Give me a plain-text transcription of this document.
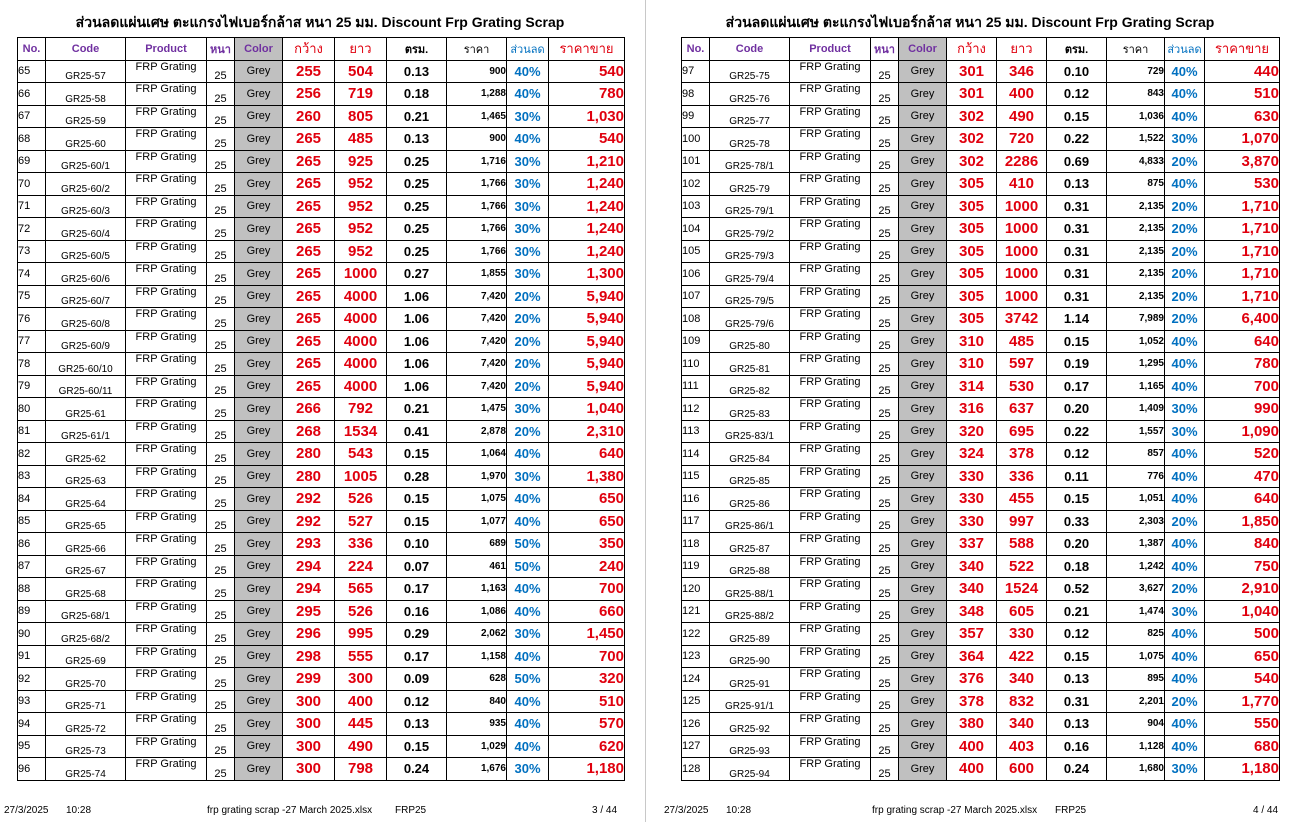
ส่วนลดแผ่นเศษ ตะแกรงไฟเบอร์กล้าส หนา 25 มม. Discount Frp Grating Scrap
No.	Code	Product	หนา	Color	กว้าง	ยาว	ตรม.	ราคา	ส่วนลด	ราคาขาย
65	GR25-57	FRP Grating	25	Grey	255	504	0.13	900	40%	540
66	GR25-58	FRP Grating	25	Grey	256	719	0.18	1,288	40%	780
67	GR25-59	FRP Grating	25	Grey	260	805	0.21	1,465	30%	1,030
68	GR25-60	FRP Grating	25	Grey	265	485	0.13	900	40%	540
69	GR25-60/1	FRP Grating	25	Grey	265	925	0.25	1,716	30%	1,210
70	GR25-60/2	FRP Grating	25	Grey	265	952	0.25	1,766	30%	1,240
71	GR25-60/3	FRP Grating	25	Grey	265	952	0.25	1,766	30%	1,240
72	GR25-60/4	FRP Grating	25	Grey	265	952	0.25	1,766	30%	1,240
73	GR25-60/5	FRP Grating	25	Grey	265	952	0.25	1,766	30%	1,240
74	GR25-60/6	FRP Grating	25	Grey	265	1000	0.27	1,855	30%	1,300
75	GR25-60/7	FRP Grating	25	Grey	265	4000	1.06	7,420	20%	5,940
76	GR25-60/8	FRP Grating	25	Grey	265	4000	1.06	7,420	20%	5,940
77	GR25-60/9	FRP Grating	25	Grey	265	4000	1.06	7,420	20%	5,940
78	GR25-60/10	FRP Grating	25	Grey	265	4000	1.06	7,420	20%	5,940
79	GR25-60/11	FRP Grating	25	Grey	265	4000	1.06	7,420	20%	5,940
80	GR25-61	FRP Grating	25	Grey	266	792	0.21	1,475	30%	1,040
81	GR25-61/1	FRP Grating	25	Grey	268	1534	0.41	2,878	20%	2,310
82	GR25-62	FRP Grating	25	Grey	280	543	0.15	1,064	40%	640
83	GR25-63	FRP Grating	25	Grey	280	1005	0.28	1,970	30%	1,380
84	GR25-64	FRP Grating	25	Grey	292	526	0.15	1,075	40%	650
85	GR25-65	FRP Grating	25	Grey	292	527	0.15	1,077	40%	650
86	GR25-66	FRP Grating	25	Grey	293	336	0.10	689	50%	350
87	GR25-67	FRP Grating	25	Grey	294	224	0.07	461	50%	240
88	GR25-68	FRP Grating	25	Grey	294	565	0.17	1,163	40%	700
89	GR25-68/1	FRP Grating	25	Grey	295	526	0.16	1,086	40%	660
90	GR25-68/2	FRP Grating	25	Grey	296	995	0.29	2,062	30%	1,450
91	GR25-69	FRP Grating	25	Grey	298	555	0.17	1,158	40%	700
92	GR25-70	FRP Grating	25	Grey	299	300	0.09	628	50%	320
93	GR25-71	FRP Grating	25	Grey	300	400	0.12	840	40%	510
94	GR25-72	FRP Grating	25	Grey	300	445	0.13	935	40%	570
95	GR25-73	FRP Grating	25	Grey	300	490	0.15	1,029	40%	620
96	GR25-74	FRP Grating	25	Grey	300	798	0.24	1,676	30%	1,180
27/3/2025 10:28	frp grating scrap -27 March 2025.xlsx FRP25	3 / 44
ส่วนลดแผ่นเศษ ตะแกรงไฟเบอร์กล้าส หนา 25 มม. Discount Frp Grating Scrap
No.	Code	Product	หนา	Color	กว้าง	ยาว	ตรม.	ราคา	ส่วนลด	ราคาขาย
97	GR25-75	FRP Grating	25	Grey	301	346	0.10	729	40%	440
98	GR25-76	FRP Grating	25	Grey	301	400	0.12	843	40%	510
99	GR25-77	FRP Grating	25	Grey	302	490	0.15	1,036	40%	630
100	GR25-78	FRP Grating	25	Grey	302	720	0.22	1,522	30%	1,070
101	GR25-78/1	FRP Grating	25	Grey	302	2286	0.69	4,833	20%	3,870
102	GR25-79	FRP Grating	25	Grey	305	410	0.13	875	40%	530
103	GR25-79/1	FRP Grating	25	Grey	305	1000	0.31	2,135	20%	1,710
104	GR25-79/2	FRP Grating	25	Grey	305	1000	0.31	2,135	20%	1,710
105	GR25-79/3	FRP Grating	25	Grey	305	1000	0.31	2,135	20%	1,710
106	GR25-79/4	FRP Grating	25	Grey	305	1000	0.31	2,135	20%	1,710
107	GR25-79/5	FRP Grating	25	Grey	305	1000	0.31	2,135	20%	1,710
108	GR25-79/6	FRP Grating	25	Grey	305	3742	1.14	7,989	20%	6,400
109	GR25-80	FRP Grating	25	Grey	310	485	0.15	1,052	40%	640
110	GR25-81	FRP Grating	25	Grey	310	597	0.19	1,295	40%	780
111	GR25-82	FRP Grating	25	Grey	314	530	0.17	1,165	40%	700
112	GR25-83	FRP Grating	25	Grey	316	637	0.20	1,409	30%	990
113	GR25-83/1	FRP Grating	25	Grey	320	695	0.22	1,557	30%	1,090
114	GR25-84	FRP Grating	25	Grey	324	378	0.12	857	40%	520
115	GR25-85	FRP Grating	25	Grey	330	336	0.11	776	40%	470
116	GR25-86	FRP Grating	25	Grey	330	455	0.15	1,051	40%	640
117	GR25-86/1	FRP Grating	25	Grey	330	997	0.33	2,303	20%	1,850
118	GR25-87	FRP Grating	25	Grey	337	588	0.20	1,387	40%	840
119	GR25-88	FRP Grating	25	Grey	340	522	0.18	1,242	40%	750
120	GR25-88/1	FRP Grating	25	Grey	340	1524	0.52	3,627	20%	2,910
121	GR25-88/2	FRP Grating	25	Grey	348	605	0.21	1,474	30%	1,040
122	GR25-89	FRP Grating	25	Grey	357	330	0.12	825	40%	500
123	GR25-90	FRP Grating	25	Grey	364	422	0.15	1,075	40%	650
124	GR25-91	FRP Grating	25	Grey	376	340	0.13	895	40%	540
125	GR25-91/1	FRP Grating	25	Grey	378	832	0.31	2,201	20%	1,770
126	GR25-92	FRP Grating	25	Grey	380	340	0.13	904	40%	550
127	GR25-93	FRP Grating	25	Grey	400	403	0.16	1,128	40%	680
128	GR25-94	FRP Grating	25	Grey	400	600	0.24	1,680	30%	1,180
27/3/2025 10:28	frp grating scrap -27 March 2025.xlsx FRP25	4 / 44
